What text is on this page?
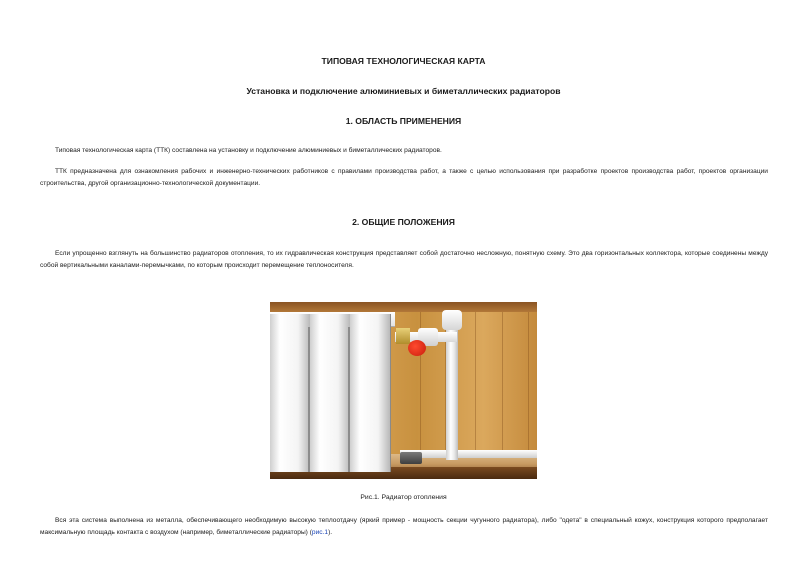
ТИПОВАЯ ТЕХНОЛОГИЧЕСКАЯ КАРТА
Установка и подключение алюминиевых и биметаллических радиаторов
1. ОБЛАСТЬ ПРИМЕНЕНИЯ
Типовая технологическая карта (ТТК) составлена на установку и подключение алюминиевых и биметаллических радиаторов.
ТТК предназначена для ознакомления рабочих и инженерно-технических работников с правилами производства работ, а также с целью использования при разработке проектов производства работ, проектов организации строительства, другой организационно-технологической документации.
2. ОБЩИЕ ПОЛОЖЕНИЯ
Если упрощенно взглянуть на большинство радиаторов отопления, то их гидравлическая конструкция представляет собой достаточно несложную, понятную схему. Это два горизонтальных коллектора, которые соединены между собой вертикальными каналами-перемычками, по которым происходит перемещение теплоносителя.
Рис.1. Радиатор отопления
Вся эта система выполнена из металла, обеспечивающего необходимую высокую теплоотдачу (яркий пример - мощность секции чугунного радиатора), либо "одета" в специальный кожух, конструкция которого предполагает максимальную площадь контакта с воздухом (например, биметаллические радиаторы) (рис.1).
